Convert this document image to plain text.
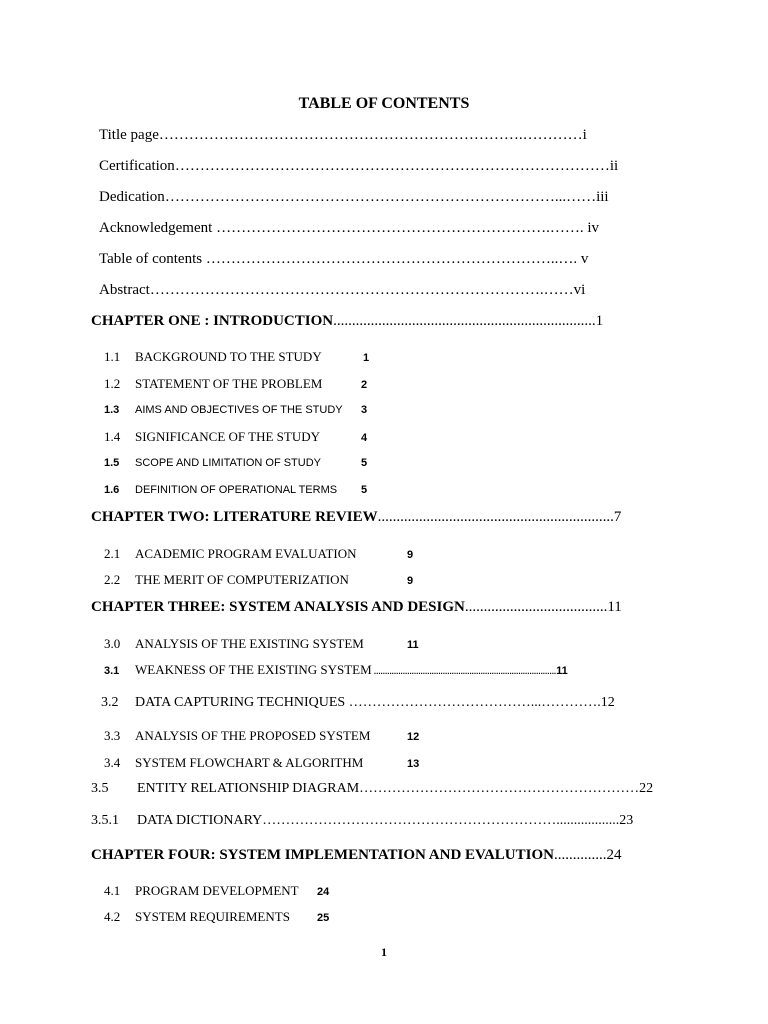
TABLE OF CONTENTS
Title page……………………………………………………………….…………i
Certification……………………………………………………………………………ii
Dedication……………………………………………………………………...……iii
Acknowledgement ………………………………………………………….……. iv
Table of contents ……………………………………………………………..…. v
Abstract…………………………………………………………………….……vi
CHAPTER ONE : INTRODUCTION......................................................................1
1.1 BACKGROUND TO THE STUDY	1
1.2 STATEMENT OF THE PROBLEM	2
1.3 AIMS AND OBJECTIVES OF THE STUDY 3
1.4 SIGNIFICANCE OF THE STUDY	4
1.5 SCOPE AND LIMITATION OF STUDY	5
1.6 DEFINITION OF OPERATIONAL TERMS 5
CHAPTER TWO: LITERATURE REVIEW...............................................................7
2.1 ACADEMIC PROGRAM EVALUATION	9
2.2 THE MERIT OF COMPUTERIZATION	9
CHAPTER THREE: SYSTEM ANALYSIS AND DESIGN......................................11
3.0 ANALYSIS OF THE EXISTING SYSTEM	11
3.1 WEAKNESS OF THE EXISTING SYSTEM ..................................................................................11
3.2 DATA CAPTURING TECHNIQUES …………………………………...………….12
3.3 ANALYSIS OF THE PROPOSED SYSTEM	12
3.4 SYSTEM FLOWCHART & ALGORITHM	13
3.5 ENTITY RELATIONSHIP DIAGRAM……………………………………………………22
3.5.1 DATA DICTIONARY………………………………………………………..................23
CHAPTER FOUR: SYSTEM IMPLEMENTATION AND EVALUTION..............24
4.1 PROGRAM DEVELOPMENT 24
4.2 SYSTEM REQUIREMENTS 25
1
